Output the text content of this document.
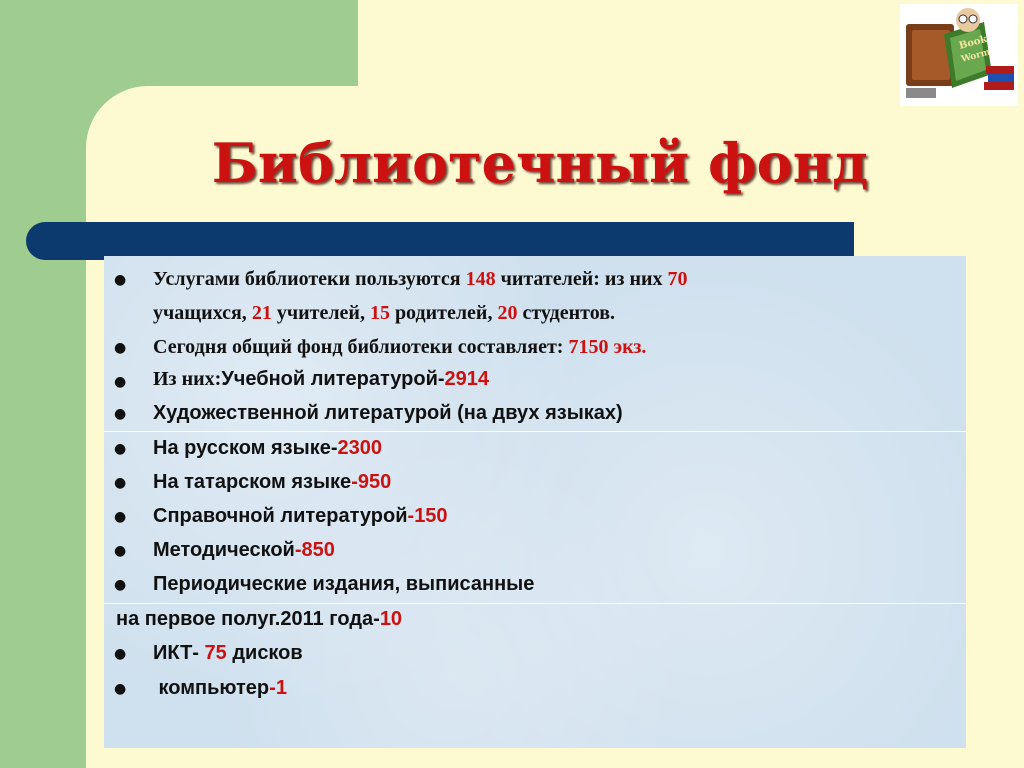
Book
Worm
Библиотечный фонд
● Услугами библиотеки пользуются 148 читателей: из них 70
учащихся, 21 учителей, 15 родителей, 20 студентов.
● Сегодня общий фонд библиотеки составляет: 7150 экз.
● Из них:Учебной литературой-2914
● Художественной литературой (на двух языках)
● На русском языке-2300
● На татарском языке-950
● Справочной литературой-150
● Методической-850
● Периодические издания, выписанные
на первое полуг.2011 года-10
● ИКТ- 75 дисков
● компьютер-1
